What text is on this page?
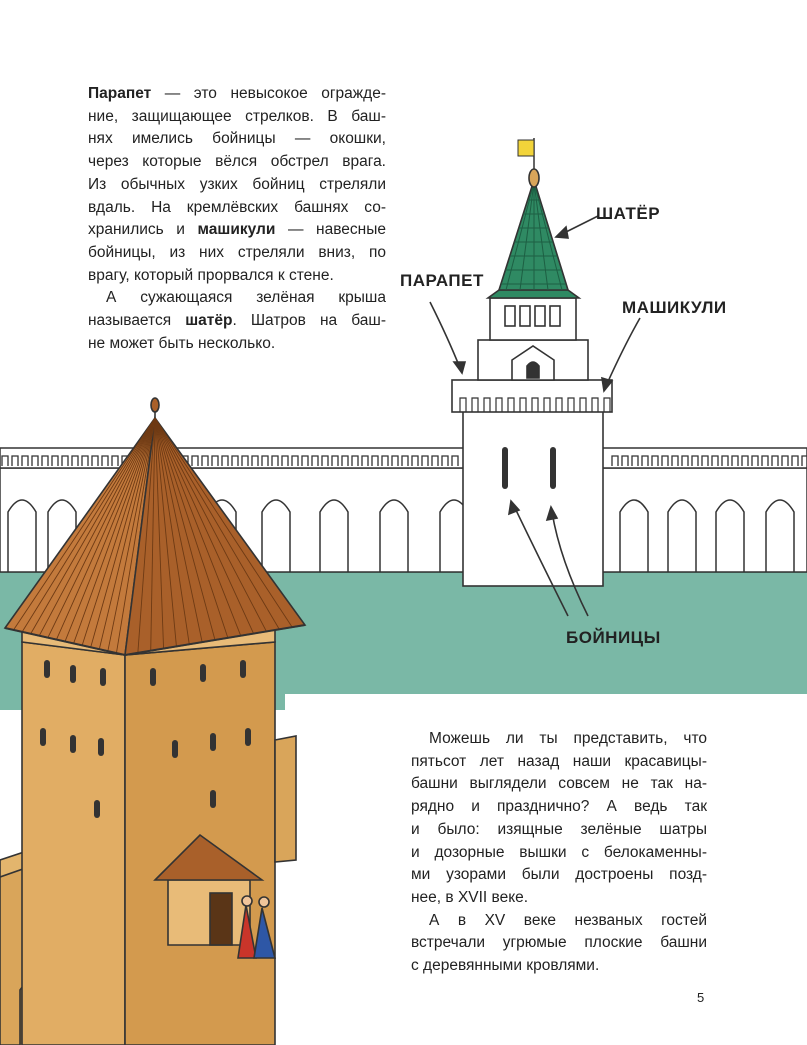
ШАТЁР
ПАРАПЕТ
МАШИКУЛИ
БОЙНИЦЫ
Парапет — это невысокое огражде-
ние, защищающее стрелков. В баш-
нях имелись бойницы — окошки,
через которые вёлся обстрел врага.
Из обычных узких бойниц стреляли
вдаль. На кремлёвских башнях со-
хранились и машикули — навесные
бойницы, из них стреляли вниз, по
врагу, который прорвался к стене.
А сужающаяся зелёная крыша
называется шатёр. Шатров на баш-
не может быть несколько.
Можешь ли ты представить, что
пятьсот лет назад наши красавицы-
башни выглядели совсем не так на-
рядно и празднично? А ведь так
и было: изящные зелёные шатры
и дозорные вышки с белокаменны-
ми узорами были достроены позд-
нее, в XVII веке.
А в XV веке незваных гостей
встречали угрюмые плоские башни
с деревянными кровлями.
5
